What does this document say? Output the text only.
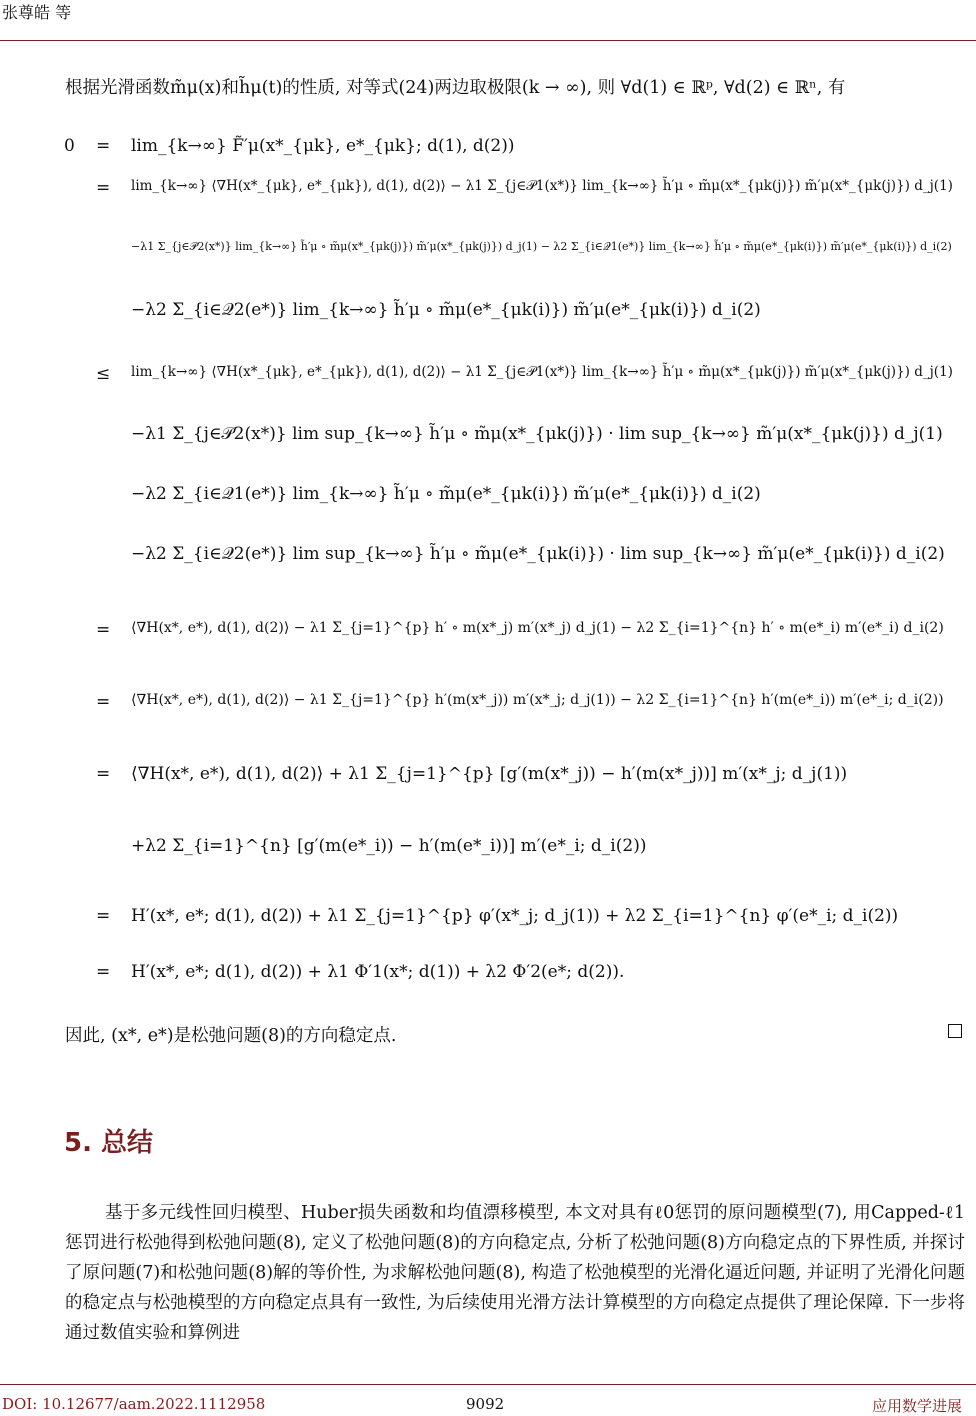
张尊皓 等
根据光滑函数m̃μ(x)和h̃μ(t)的性质, 对等式(24)两边取极限(k → ∞), 则 ∀d(1) ∈ ℝᵖ, ∀d(2) ∈ ℝⁿ, 有
0 = lim_{k→∞} F̃′μ(x*_{μk}, e*_{μk}; d(1), d(2))
= lim_{k→∞} ⟨∇H(x*_{μk}, e*_{μk}), d(1), d(2)⟩ − λ1 Σ_{j∈𝒫1(x*)} lim_{k→∞} h̃′μ ∘ m̃μ(x*_{μk(j)}) m̃′μ(x*_{μk(j)}) d_j(1)
−λ1 Σ_{j∈𝒫2(x*)} lim_{k→∞} h̃′μ ∘ m̃μ(x*_{μk(j)}) m̃′μ(x*_{μk(j)}) d_j(1) − λ2 Σ_{i∈𝒬1(e*)} lim_{k→∞} h̃′μ ∘ m̃μ(e*_{μk(i)}) m̃′μ(e*_{μk(i)}) d_i(2)
−λ2 Σ_{i∈𝒬2(e*)} lim_{k→∞} h̃′μ ∘ m̃μ(e*_{μk(i)}) m̃′μ(e*_{μk(i)}) d_i(2)
≤ lim_{k→∞} ⟨∇H(x*_{μk}, e*_{μk}), d(1), d(2)⟩ − λ1 Σ_{j∈𝒫1(x*)} lim_{k→∞} h̃′μ ∘ m̃μ(x*_{μk(j)}) m̃′μ(x*_{μk(j)}) d_j(1)
−λ1 Σ_{j∈𝒫2(x*)} lim sup_{k→∞} h̃′μ ∘ m̃μ(x*_{μk(j)}) · lim sup_{k→∞} m̃′μ(x*_{μk(j)}) d_j(1)
−λ2 Σ_{i∈𝒬1(e*)} lim_{k→∞} h̃′μ ∘ m̃μ(e*_{μk(i)}) m̃′μ(e*_{μk(i)}) d_i(2)
−λ2 Σ_{i∈𝒬2(e*)} lim sup_{k→∞} h̃′μ ∘ m̃μ(e*_{μk(i)}) · lim sup_{k→∞} m̃′μ(e*_{μk(i)}) d_i(2)
= ⟨∇H(x*, e*), d(1), d(2)⟩ − λ1 Σ_{j=1}^{p} h′ ∘ m(x*_j) m′(x*_j) d_j(1) − λ2 Σ_{i=1}^{n} h′ ∘ m(e*_i) m′(e*_i) d_i(2)
= ⟨∇H(x*, e*), d(1), d(2)⟩ − λ1 Σ_{j=1}^{p} h′(m(x*_j)) m′(x*_j; d_j(1)) − λ2 Σ_{i=1}^{n} h′(m(e*_i)) m′(e*_i; d_i(2))
= ⟨∇H(x*, e*), d(1), d(2)⟩ + λ1 Σ_{j=1}^{p} [g′(m(x*_j)) − h′(m(x*_j))] m′(x*_j; d_j(1))
+λ2 Σ_{i=1}^{n} [g′(m(e*_i)) − h′(m(e*_i))] m′(e*_i; d_i(2))
= H′(x*, e*; d(1), d(2)) + λ1 Σ_{j=1}^{p} φ′(x*_j; d_j(1)) + λ2 Σ_{i=1}^{n} φ′(e*_i; d_i(2))
= H′(x*, e*; d(1), d(2)) + λ1 Φ′1(x*; d(1)) + λ2 Φ′2(e*; d(2)).
因此, (x*, e*)是松弛问题(8)的方向稳定点.
5. 总结

基于多元线性回归模型、Huber损失函数和均值漂移模型, 本文对具有ℓ0惩罚的原问题模型(7), 用Capped-ℓ1惩罚进行松弛得到松弛问题(8), 定义了松弛问题(8)的方向稳定点, 分析了松弛问题(8)方向稳定点的下界性质, 并探讨了原问题(7)和松弛问题(8)解的等价性, 为求解松弛问题(8), 构造了松弛模型的光滑化逼近问题, 并证明了光滑化问题的稳定点与松弛模型的方向稳定点具有一致性, 为后续使用光滑方法计算模型的方向稳定点提供了理论保障. 下一步将通过数值实验和算例进

DOI: 10.12677/aam.2022.1112958	9092	应用数学进展
